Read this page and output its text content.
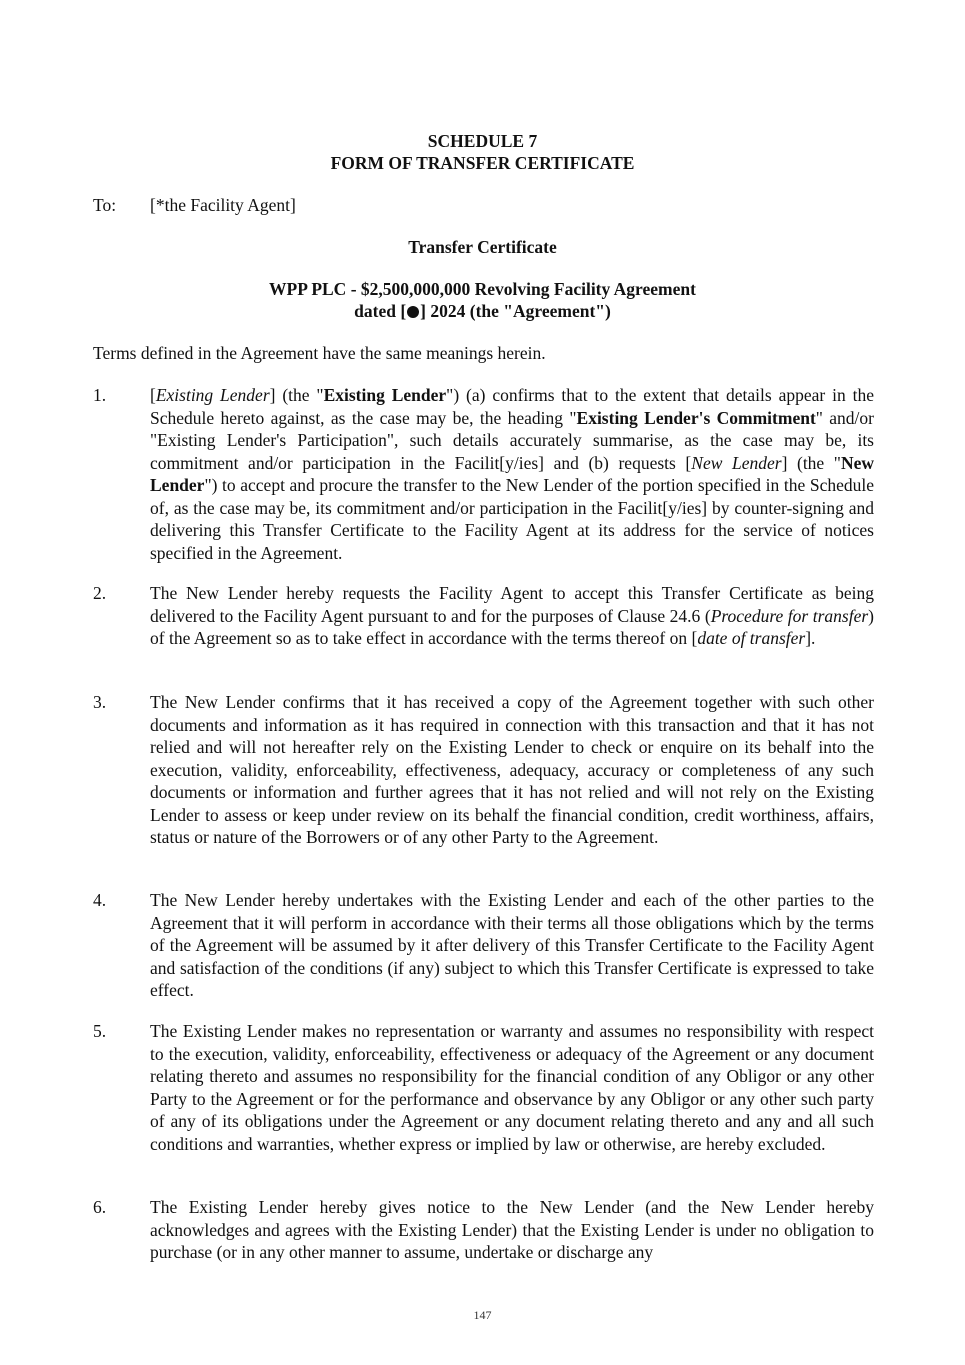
SCHEDULE 7
FORM OF TRANSFER CERTIFICATE
To: [*the Facility Agent]
Transfer Certificate
WPP PLC - $2,500,000,000 Revolving Facility Agreement
dated [ ] 2024 (the "Agreement")
Terms defined in the Agreement have the same meanings herein.
1.	[Existing Lender] (the "Existing Lender") (a) confirms that to the extent that details appear in the Schedule hereto against, as the case may be, the heading "Existing Lender's Commitment" and/or "Existing Lender's Participation", such details accurately summarise, as the case may be, its commitment and/or participation in the Facilit[y/ies] and (b) requests [New Lender] (the "New Lender") to accept and procure the transfer to the New Lender of the portion specified in the Schedule of, as the case may be, its commitment and/or participation in the Facilit[y/ies] by counter-signing and delivering this Transfer Certificate to the Facility Agent at its address for the service of notices specified in the Agreement.
2.	The New Lender hereby requests the Facility Agent to accept this Transfer Certificate as being delivered to the Facility Agent pursuant to and for the purposes of Clause 24.6 (Procedure for transfer) of the Agreement so as to take effect in accordance with the terms thereof on [date of transfer].
3.	The New Lender confirms that it has received a copy of the Agreement together with such other documents and information as it has required in connection with this transaction and that it has not relied and will not hereafter rely on the Existing Lender to check or enquire on its behalf into the execution, validity, enforceability, effectiveness, adequacy, accuracy or completeness of any such documents or information and further agrees that it has not relied and will not rely on the Existing Lender to assess or keep under review on its behalf the financial condition, credit worthiness, affairs, status or nature of the Borrowers or of any other Party to the Agreement.
4.	The New Lender hereby undertakes with the Existing Lender and each of the other parties to the Agreement that it will perform in accordance with their terms all those obligations which by the terms of the Agreement will be assumed by it after delivery of this Transfer Certificate to the Facility Agent and satisfaction of the conditions (if any) subject to which this Transfer Certificate is expressed to take effect.
5.	The Existing Lender makes no representation or warranty and assumes no responsibility with respect to the execution, validity, enforceability, effectiveness or adequacy of the Agreement or any document relating thereto and assumes no responsibility for the financial condition of any Obligor or any other Party to the Agreement or for the performance and observance by any Obligor or any other such party of any of its obligations under the Agreement or any document relating thereto and any and all such conditions and warranties, whether express or implied by law or otherwise, are hereby excluded.
6.	The Existing Lender hereby gives notice to the New Lender (and the New Lender hereby acknowledges and agrees with the Existing Lender) that the Existing Lender is under no obligation to purchase (or in any other manner to assume, undertake or discharge any
147
